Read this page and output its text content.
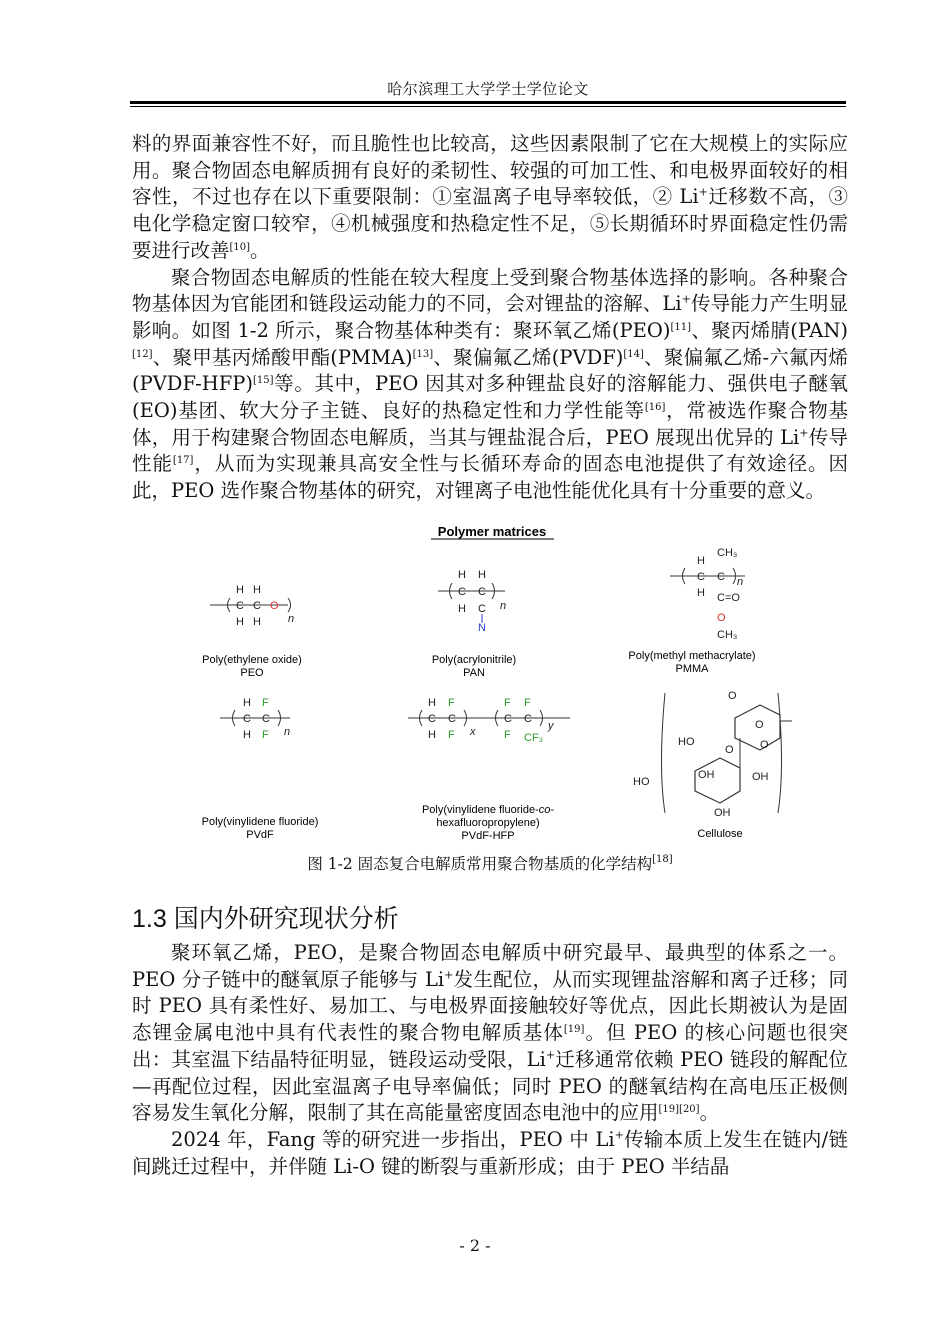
哈尔滨理工大学学士学位论文

料的界面兼容性不好，而且脆性也比较高，这些因素限制了它在大规模上的实际应用。聚合物固态电解质拥有良好的柔韧性、较强的可加工性、和电极界面较好的相容性，不过也存在以下重要限制：①室温离子电导率较低，② Li+迁移数不高，③电化学稳定窗口较窄，④机械强度和热稳定性不足，⑤长期循环时界面稳定性仍需要进行改善[10]。

聚合物固态电解质的性能在较大程度上受到聚合物基体选择的影响。各种聚合物基体因为官能团和链段运动能力的不同，会对锂盐的溶解、Li+传导能力产生明显影响。如图 1-2 所示，聚合物基体种类有：聚环氧乙烯(PEO)[11]、聚丙烯腈(PAN)[12]、聚甲基丙烯酸甲酯(PMMA)[13]、聚偏氟乙烯(PVDF)[14]、聚偏氟乙烯-六氟丙烯(PVDF-HFP)[15]等。其中，PEO 因其对多种锂盐良好的溶解能力、强供电子醚氧(EO)基团、软大分子主链、良好的热稳定性和力学性能等[16]，常被选作聚合物基体，用于构建聚合物固态电解质，当其与锂盐混合后，PEO 展现出优异的 Li+传导性能[17]，从而为实现兼具高安全性与长循环寿命的固态电池提供了有效途径。因此，PEO 选作聚合物基体的研究，对锂离子电池性能优化具有十分重要的意义。

Polymer matrices
H H
C C O
H H n
Poly(ethylene oxide)
PEO
H H
C C
H C
N
n
Poly(acrylonitrile)
PAN
H
CH₃
C C
H C=O
O
CH₃
n
Poly(methyl methacrylate)
PMMA
H F
C C
H F n
Poly(vinylidene fluoride)
PVdF
H F
C C
H F x
F F
C C
F CF₃
y
Poly(vinylidene fluoride-co-
hexafluoropropylene)
PVdF-HFP
HO
HO
OH
OH
O
OH
O
O
O
Cellulose
图 1-2 固态复合电解质常用聚合物基质的化学结构[18]
1.3 国内外研究现状分析

聚环氧乙烯，PEO，是聚合物固态电解质中研究最早、最典型的体系之一。PEO 分子链中的醚氧原子能够与 Li+发生配位，从而实现锂盐溶解和离子迁移；同时 PEO 具有柔性好、易加工、与电极界面接触较好等优点，因此长期被认为是固态锂金属电池中具有代表性的聚合物电解质基体[19]。但 PEO 的核心问题也很突出：其室温下结晶特征明显，链段运动受限，Li+迁移通常依赖 PEO 链段的解配位—再配位过程，因此室温离子电导率偏低；同时 PEO 的醚氧结构在高电压正极侧容易发生氧化分解，限制了其在高能量密度固态电池中的应用[19][20]。

2024 年，Fang 等的研究进一步指出，PEO 中 Li+传输本质上发生在链内/链间跳迁过程中，并伴随 Li-O 键的断裂与重新形成；由于 PEO 半结晶

- 2 -
